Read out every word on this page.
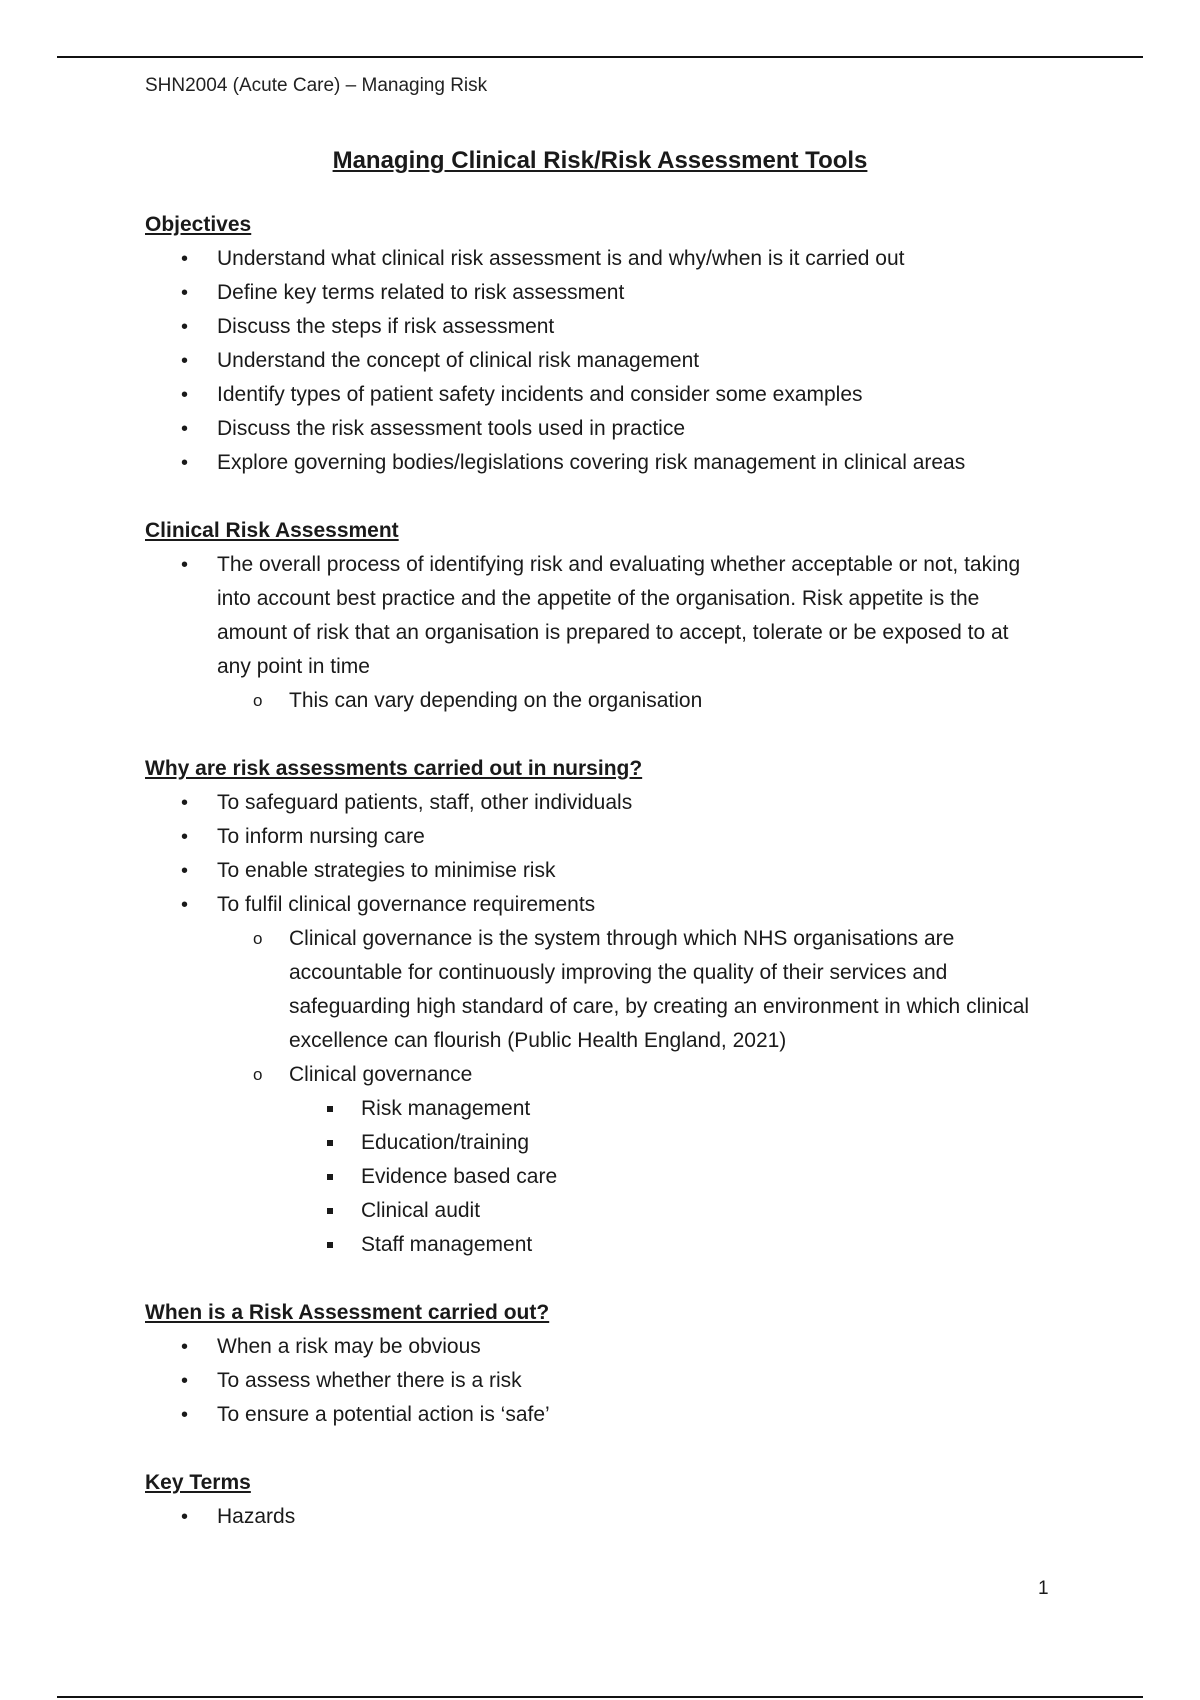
SHN2004 (Acute Care) – Managing Risk
Managing Clinical Risk/Risk Assessment Tools
Objectives
• Understand what clinical risk assessment is and why/when is it carried out
• Define key terms related to risk assessment
• Discuss the steps if risk assessment
• Understand the concept of clinical risk management
• Identify types of patient safety incidents and consider some examples
• Discuss the risk assessment tools used in practice
• Explore governing bodies/legislations covering risk management in clinical areas
Clinical Risk Assessment
• The overall process of identifying risk and evaluating whether acceptable or not, taking into account best practice and the appetite of the organisation. Risk appetite is the amount of risk that an organisation is prepared to accept, tolerate or be exposed to at any point in time
o This can vary depending on the organisation
Why are risk assessments carried out in nursing?
• To safeguard patients, staff, other individuals
• To inform nursing care
• To enable strategies to minimise risk
• To fulfil clinical governance requirements
o Clinical governance is the system through which NHS organisations are accountable for continuously improving the quality of their services and safeguarding high standard of care, by creating an environment in which clinical excellence can flourish (Public Health England, 2021)
o Clinical governance
Risk management
Education/training
Evidence based care
Clinical audit
Staff management
When is a Risk Assessment carried out?
• When a risk may be obvious
• To assess whether there is a risk
• To ensure a potential action is ‘safe’
Key Terms
• Hazards
1
